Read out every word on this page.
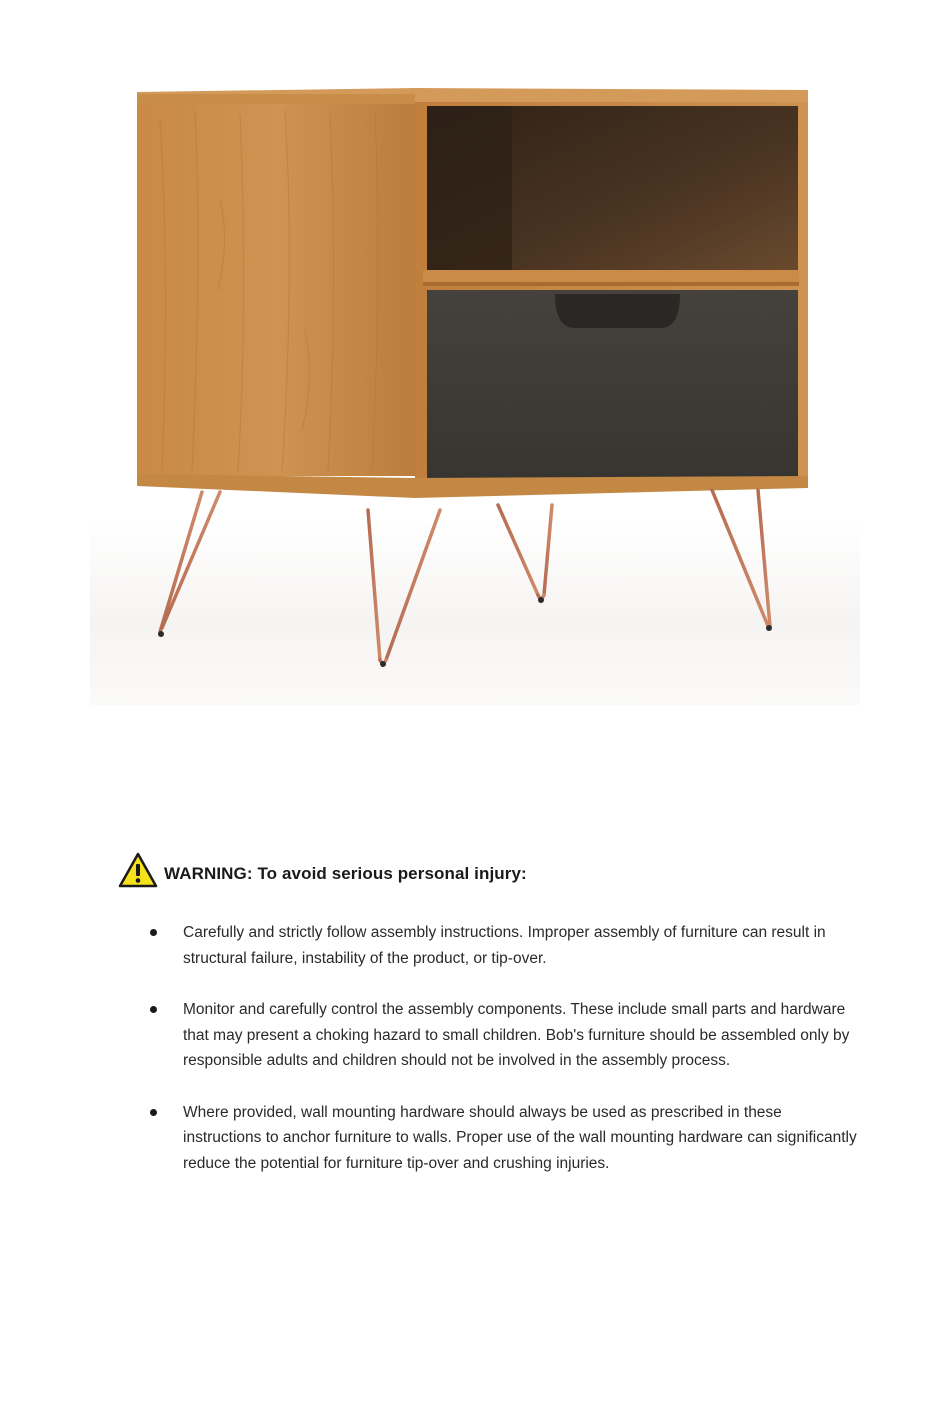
WARNING: To avoid serious personal injury:
Carefully and strictly follow assembly instructions. Improper assembly of furniture can result in structural failure, instability of the product, or tip-over.
Monitor and carefully control the assembly components. These include small parts and hardware that may present a choking hazard to small children. Bob's furniture should be assembled only by responsible adults and children should not be involved in the assembly process.
Where provided, wall mounting hardware should always be used as prescribed in these instructions to anchor furniture to walls. Proper use of the wall mounting hardware can significantly reduce the potential for furniture tip-over and crushing injuries.
